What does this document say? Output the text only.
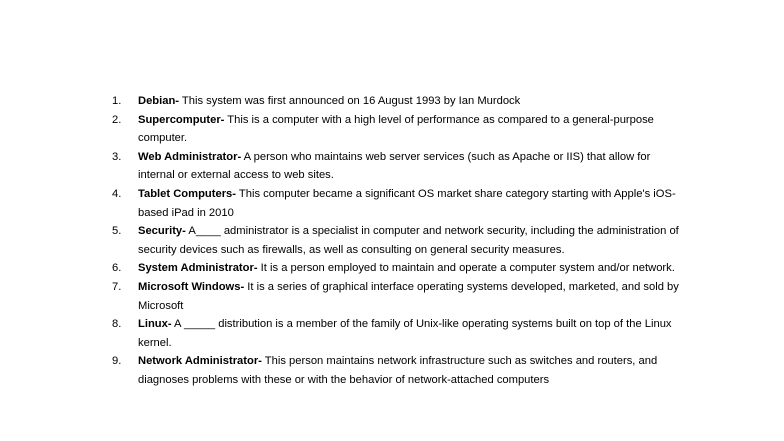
1.	Debian- This system was first announced on 16 August 1993 by Ian Murdock
2.	Supercomputer- This is a computer with a high level of performance as compared to a general-purpose computer.
3.	Web Administrator- A person who maintains web server services (such as Apache or IIS) that allow for internal or external access to web sites.
4.	Tablet Computers- This computer became a significant OS market share category starting with Apple's iOS-based iPad in 2010
5.	Security- A____ administrator is a specialist in computer and network security, including the administration of security devices such as firewalls, as well as consulting on general security measures.
6.	System Administrator- It is a person employed to maintain and operate a computer system and/or network.
7.	Microsoft Windows- It is a series of graphical interface operating systems developed, marketed, and sold by Microsoft
8.	Linux- A _____ distribution is a member of the family of Unix-like operating systems built on top of the Linux kernel.
9.	Network Administrator- This person maintains network infrastructure such as switches and routers, and diagnoses problems with these or with the behavior of network-attached computers
